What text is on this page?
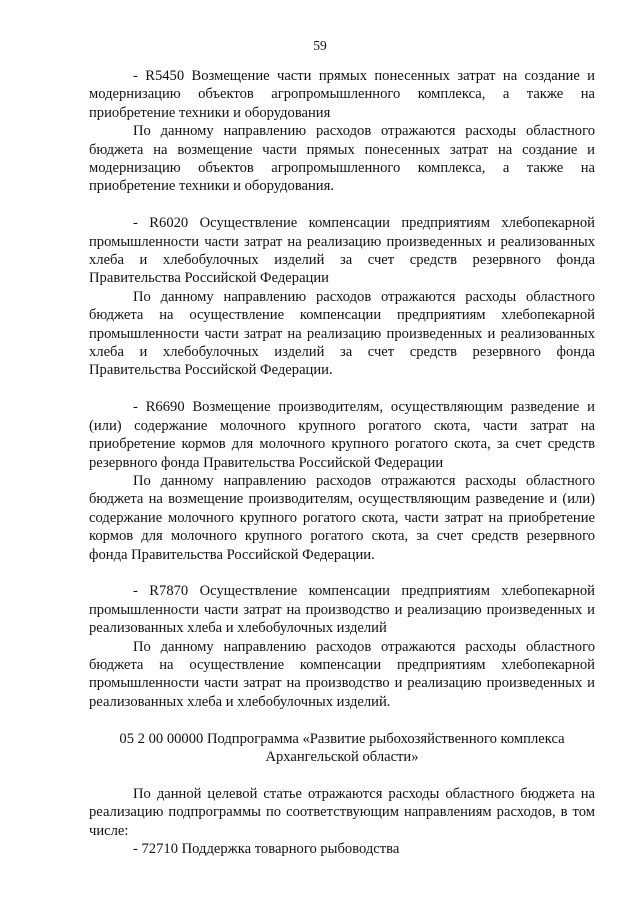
59

- R5450 Возмещение части прямых понесенных затрат на создание и модернизацию объектов агропромышленного комплекса, а также на приобретение техники и оборудования

По данному направлению расходов отражаются расходы областного бюджета на возмещение части прямых понесенных затрат на создание и модернизацию объектов агропромышленного комплекса, а также на приобретение техники и оборудования.

- R6020 Осуществление компенсации предприятиям хлебопекарной промышленности части затрат на реализацию произведенных и реализованных хлеба и хлебобулочных изделий за счет средств резервного фонда Правительства Российской Федерации

По данному направлению расходов отражаются расходы областного бюджета на осуществление компенсации предприятиям хлебопекарной промышленности части затрат на реализацию произведенных и реализованных хлеба и хлебобулочных изделий за счет средств резервного фонда Правительства Российской Федерации.

- R6690 Возмещение производителям, осуществляющим разведение и (или) содержание молочного крупного рогатого скота, части затрат на приобретение кормов для молочного крупного рогатого скота, за счет средств резервного фонда Правительства Российской Федерации

По данному направлению расходов отражаются расходы областного бюджета на возмещение производителям, осуществляющим разведение и (или) содержание молочного крупного рогатого скота, части затрат на приобретение кормов для молочного крупного рогатого скота, за счет средств резервного фонда Правительства Российской Федерации.

- R7870 Осуществление компенсации предприятиям хлебопекарной промышленности части затрат на производство и реализацию произведенных и реализованных хлеба и хлебобулочных изделий

По данному направлению расходов отражаются расходы областного бюджета на осуществление компенсации предприятиям хлебопекарной промышленности части затрат на производство и реализацию произведенных и реализованных хлеба и хлебобулочных изделий.

05 2 00 00000 Подпрограмма «Развитие рыбохозяйственного комплекса
Архангельской области»

По данной целевой статье отражаются расходы областного бюджета на реализацию подпрограммы по соответствующим направлениям расходов, в том числе:

- 72710 Поддержка товарного рыбоводства
